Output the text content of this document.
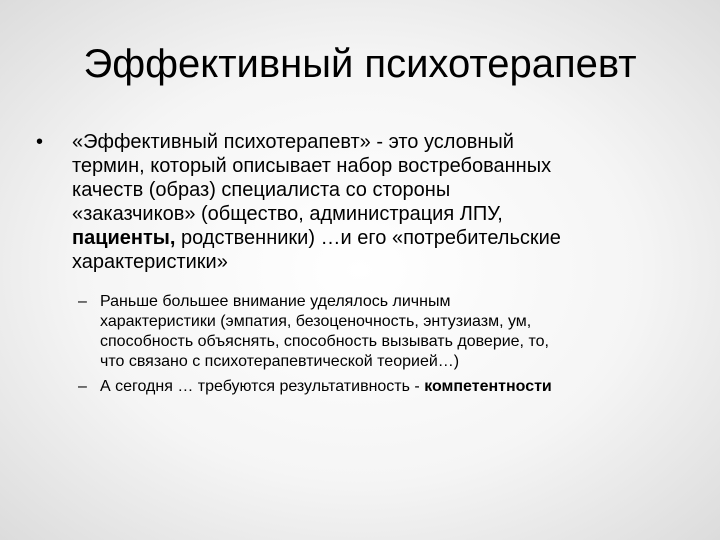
Эффективный психотерапевт
• «Эффективный психотерапевт» - это условный
термин, который описывает набор востребованных
качеств (образ) специалиста со стороны
«заказчиков» (общество, администрация ЛПУ,
пациенты, родственники) …и его «потребительские
характеристики»
– Раньше большее внимание уделялось личным
характеристики (эмпатия, безоценочность, энтузиазм, ум,
способность объяснять, способность вызывать доверие, то,
что связано с психотерапевтической теорией…)
– А сегодня … требуются результативность - компетентности
